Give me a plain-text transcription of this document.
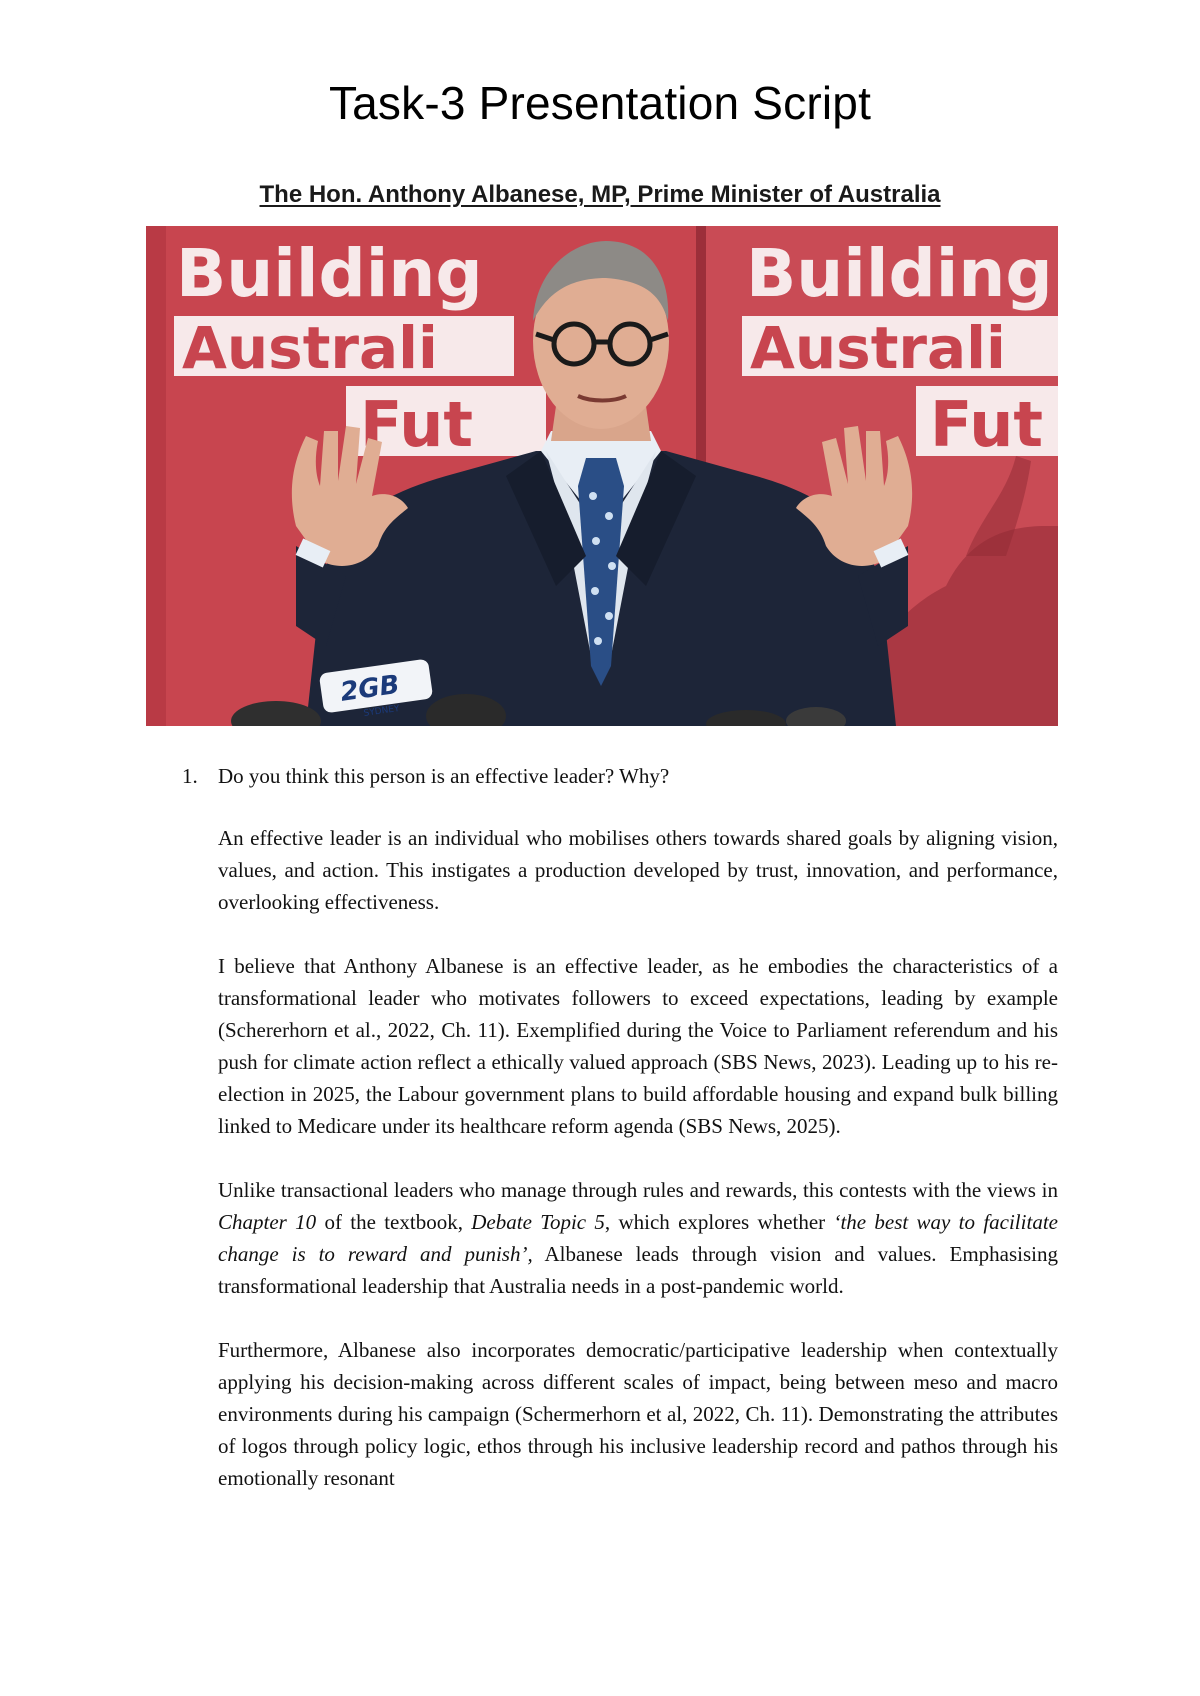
Task-3 Presentation Script
The Hon. Anthony Albanese, MP, Prime Minister of Australia
Building
Australi
Fut
Building
Australi
Fut
2GB
SYDNEY
1. Do you think this person is an effective leader? Why?

An effective leader is an individual who mobilises others towards shared goals by aligning vision, values, and action. This instigates a production developed by trust, innovation, and performance, overlooking effectiveness.

I believe that Anthony Albanese is an effective leader, as he embodies the characteristics of a transformational leader who motivates followers to exceed expectations, leading by example (Schererhorn et al., 2022, Ch. 11). Exemplified during the Voice to Parliament referendum and his push for climate action reflect a ethically valued approach (SBS News, 2023). Leading up to his re-election in 2025, the Labour government plans to build affordable housing and expand bulk billing linked to Medicare under its healthcare reform agenda (SBS News, 2025).

Unlike transactional leaders who manage through rules and rewards, this contests with the views in Chapter 10 of the textbook, Debate Topic 5, which explores whether ‘the best way to facilitate change is to reward and punish’, Albanese leads through vision and values. Emphasising transformational leadership that Australia needs in a post-pandemic world.

Furthermore, Albanese also incorporates democratic/participative leadership when contextually applying his decision-making across different scales of impact, being between meso and macro environments during his campaign (Schermerhorn et al, 2022, Ch. 11). Demonstrating the attributes of logos through policy logic, ethos through his inclusive leadership record and pathos through his emotionally resonant
